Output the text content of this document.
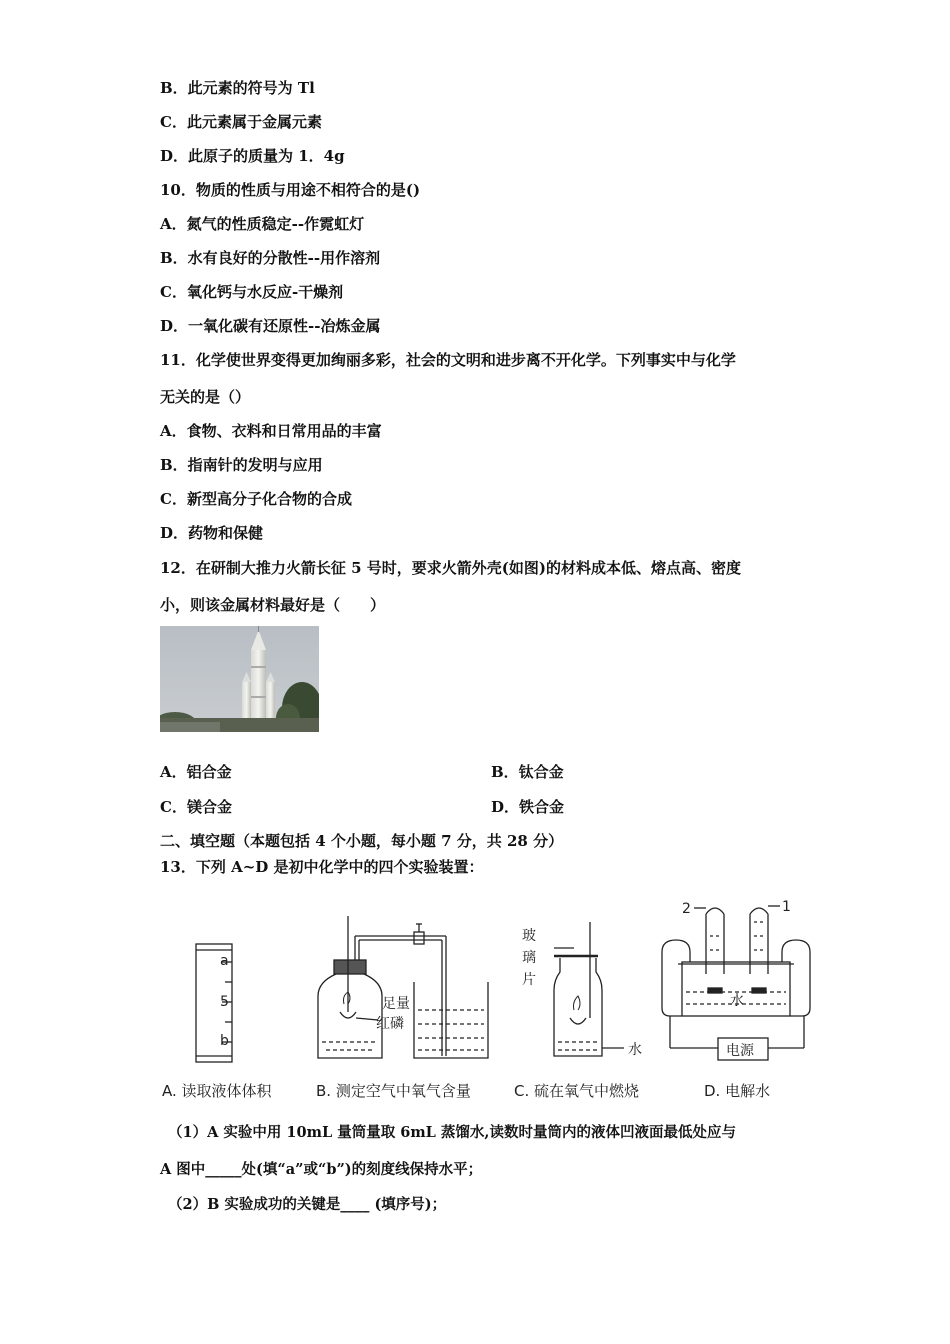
B．此元素的符号为 Tl
C．此元素属于金属元素
D．此原子的质量为 1．4g
10．物质的性质与用途不相符合的是()
A．氮气的性质稳定--作霓虹灯
B．水有良好的分散性--用作溶剂
C．氧化钙与水反应-干燥剂
D．一氧化碳有还原性--冶炼金属
11．化学使世界变得更加绚丽多彩，社会的文明和进步离不开化学。下列事实中与化学
无关的是（）
A．食物、衣料和日常用品的丰富
B．指南针的发明与应用
C．新型高分子化合物的合成
D．药物和保健
12．在研制大推力火箭长征 5 号时，要求火箭外壳(如图)的材料成本低、熔点高、密度
小，则该金属材料最好是（　　）
A．铝合金	B．钛合金
C．镁合金	D．铁合金
二、填空题（本题包括 4 个小题，每小题 7 分，共 28 分）
13．下列 A~D 是初中化学中的四个实验装置：
a
5
b
足量
红磷
玻
璃
片
水
2	1
水
电源
A. 读取液体体积	B. 测定空气中氧气含量	C. 硫在氧气中燃烧	D. 电解水
（1）A 实验中用 10mL 量筒量取 6mL 蒸馏水,读数时量筒内的液体凹液面最低处应与
A 图中_____处(填“a”或“b”)的刻度线保持水平；
（2）B 实验成功的关键是____ (填序号)；
